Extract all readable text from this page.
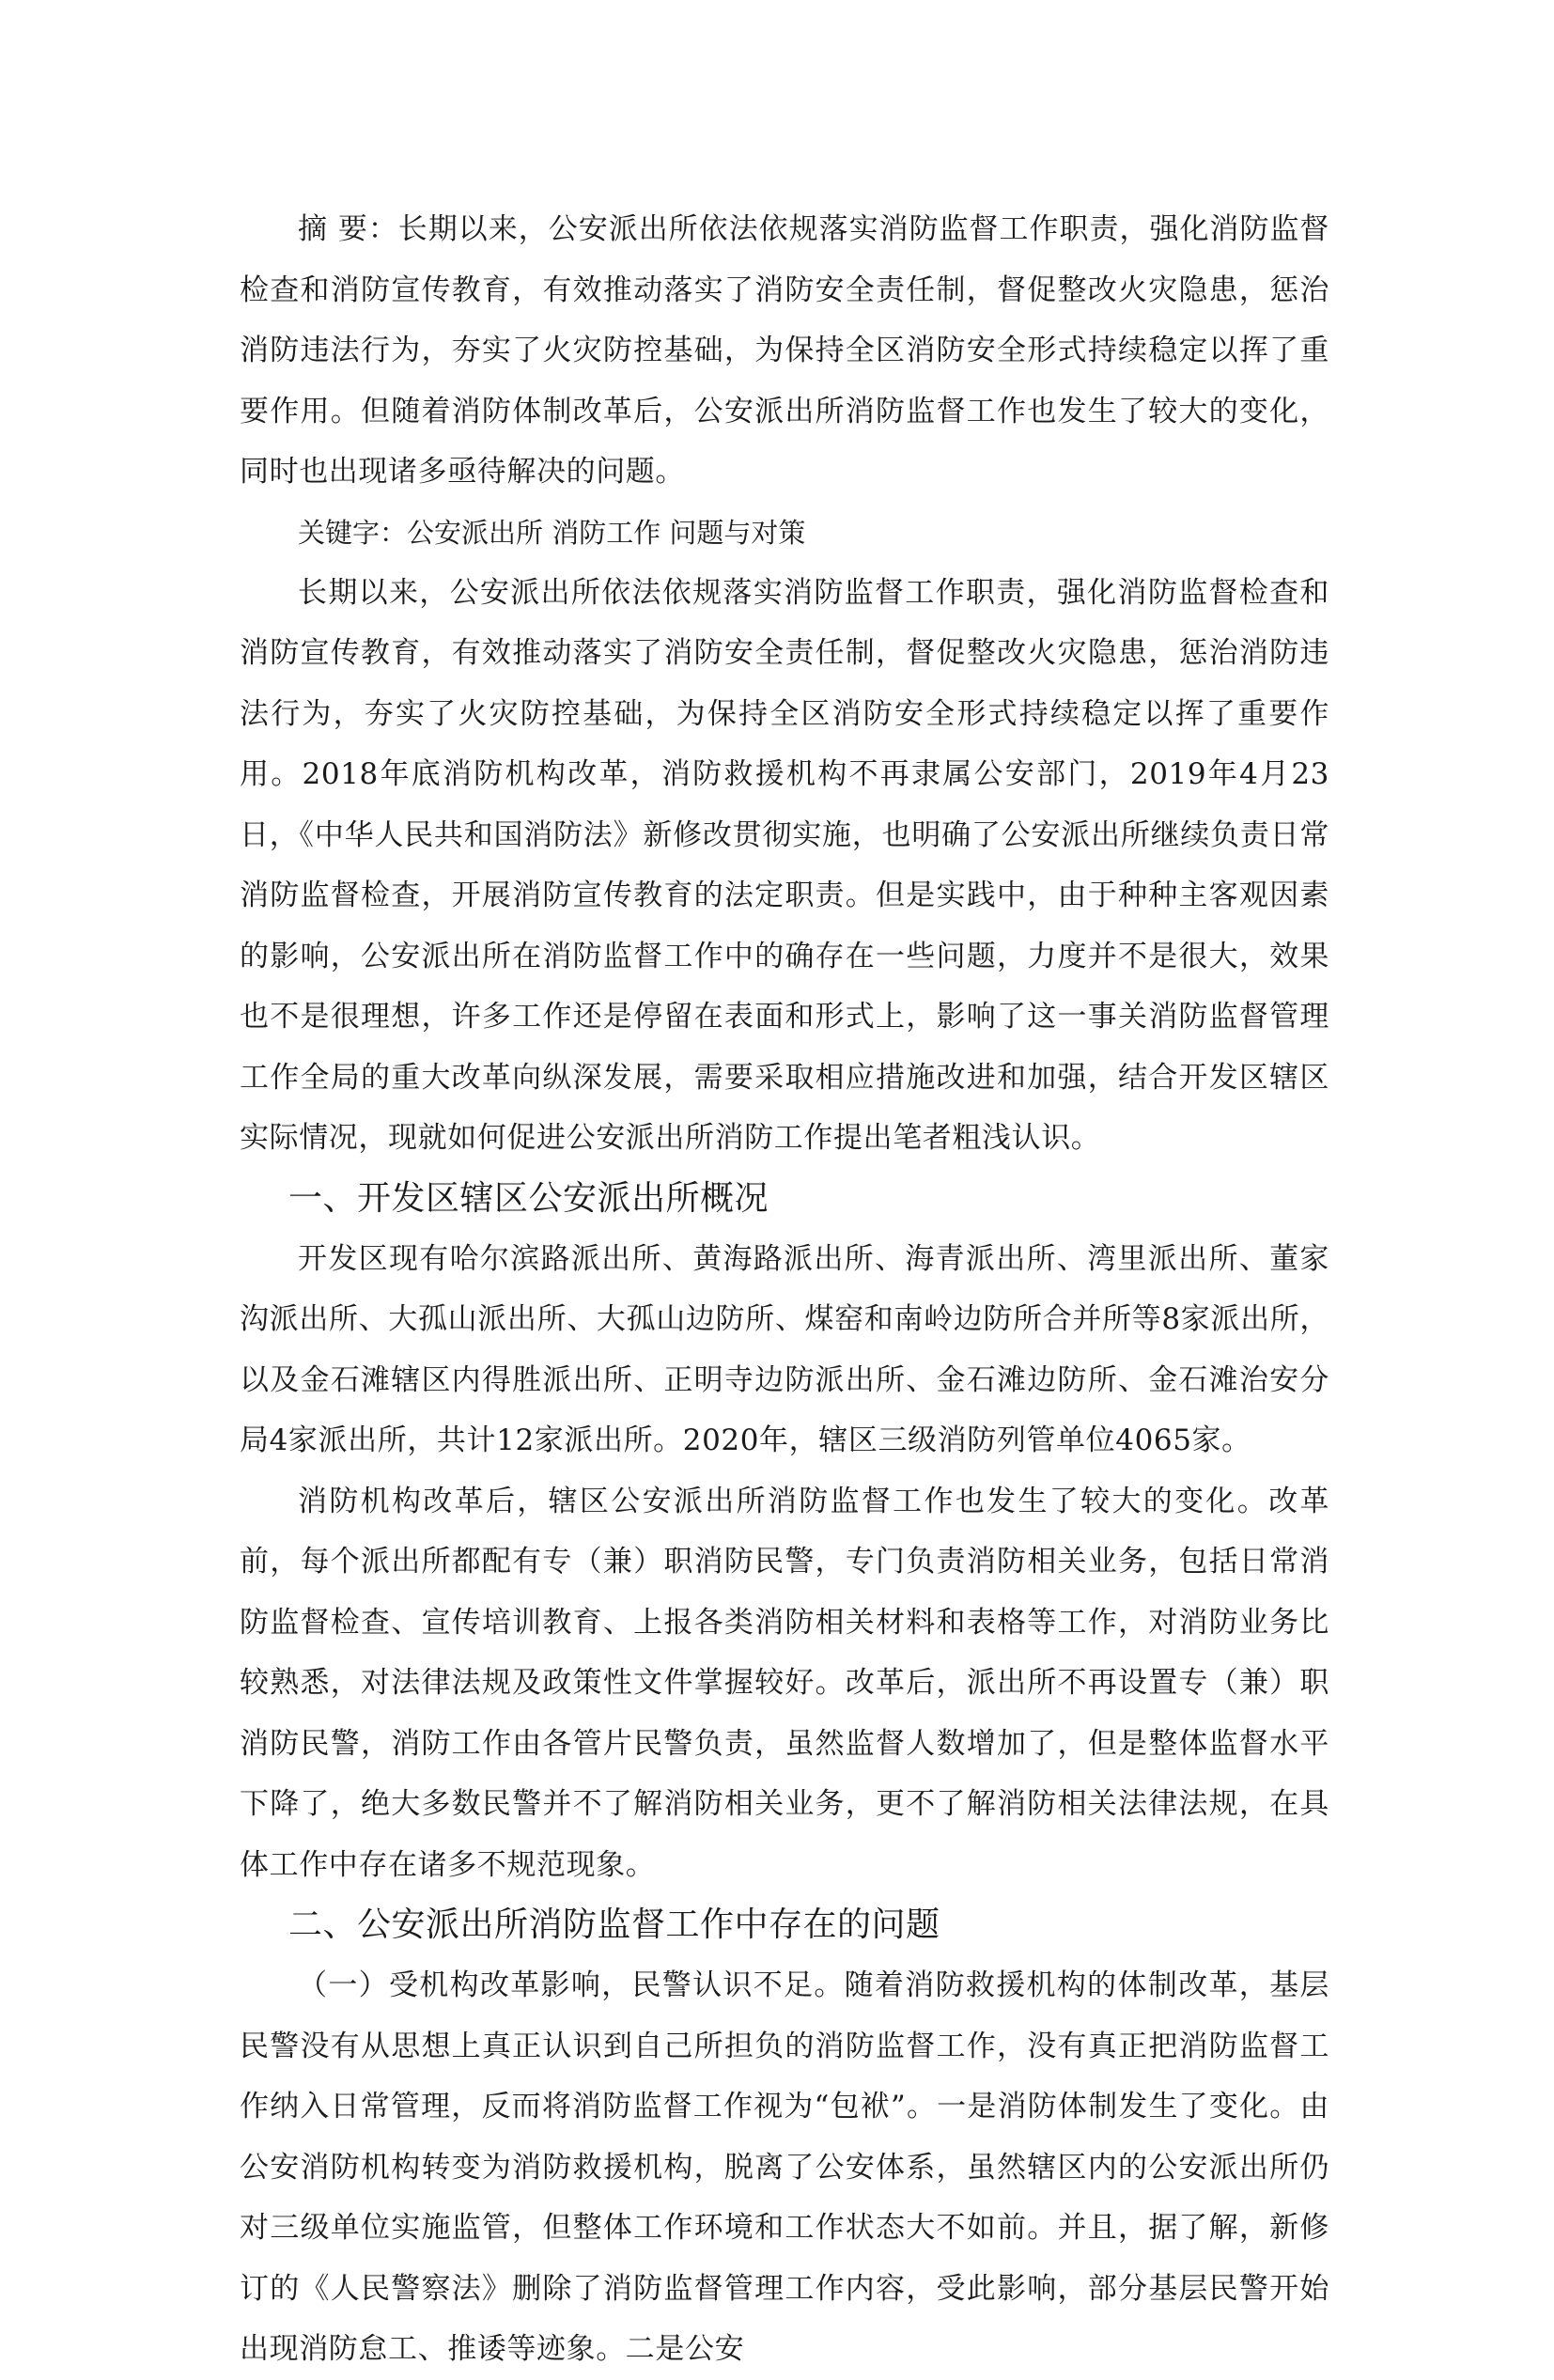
摘 要：长期以来，公安派出所依法依规落实消防监督工作职责，强化消防监督检查和消防宣传教育，有效推动落实了消防安全责任制，督促整改火灾隐患，惩治消防违法行为，夯实了火灾防控基础，为保持全区消防安全形式持续稳定以挥了重要作用。但随着消防体制改革后，公安派出所消防监督工作也发生了较大的变化，同时也出现诸多亟待解决的问题。

关键字：公安派出所 消防工作 问题与对策

长期以来，公安派出所依法依规落实消防监督工作职责，强化消防监督检查和消防宣传教育，有效推动落实了消防安全责任制，督促整改火灾隐患，惩治消防违法行为，夯实了火灾防控基础，为保持全区消防安全形式持续稳定以挥了重要作用。2018年底消防机构改革，消防救援机构不再隶属公安部门，2019年4月23日，《中华人民共和国消防法》新修改贯彻实施，也明确了公安派出所继续负责日常消防监督检查，开展消防宣传教育的法定职责。但是实践中，由于种种主客观因素的影响，公安派出所在消防监督工作中的确存在一些问题，力度并不是很大，效果也不是很理想，许多工作还是停留在表面和形式上，影响了这一事关消防监督管理工作全局的重大改革向纵深发展，需要采取相应措施改进和加强，结合开发区辖区实际情况，现就如何促进公安派出所消防工作提出笔者粗浅认识。

一、开发区辖区公安派出所概况

开发区现有哈尔滨路派出所、黄海路派出所、海青派出所、湾里派出所、董家沟派出所、大孤山派出所、大孤山边防所、煤窑和南岭边防所合并所等8家派出所，以及金石滩辖区内得胜派出所、正明寺边防派出所、金石滩边防所、金石滩治安分局4家派出所，共计12家派出所。2020年，辖区三级消防列管单位4065家。

消防机构改革后，辖区公安派出所消防监督工作也发生了较大的变化。改革前，每个派出所都配有专（兼）职消防民警，专门负责消防相关业务，包括日常消防监督检查、宣传培训教育、上报各类消防相关材料和表格等工作，对消防业务比较熟悉，对法律法规及政策性文件掌握较好。改革后，派出所不再设置专（兼）职消防民警，消防工作由各管片民警负责，虽然监督人数增加了，但是整体监督水平下降了，绝大多数民警并不了解消防相关业务，更不了解消防相关法律法规，在具体工作中存在诸多不规范现象。

二、公安派出所消防监督工作中存在的问题

（一）受机构改革影响，民警认识不足。随着消防救援机构的体制改革，基层民警没有从思想上真正认识到自己所担负的消防监督工作，没有真正把消防监督工作纳入日常管理，反而将消防监督工作视为“包袱”。一是消防体制发生了变化。由公安消防机构转变为消防救援机构，脱离了公安体系，虽然辖区内的公安派出所仍对三级单位实施监管，但整体工作环境和工作状态大不如前。并且，据了解，新修订的《人民警察法》删除了消防监督管理工作内容，受此影响，部分基层民警开始出现消防怠工、推诿等迹象。二是公安
